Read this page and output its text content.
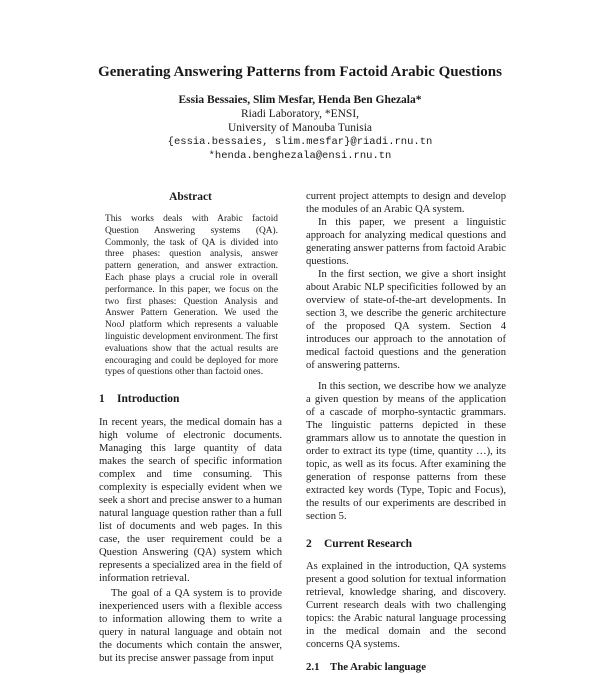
Generating Answering Patterns from Factoid Arabic Questions
Essia Bessaies, Slim Mesfar, Henda Ben Ghezala*
Riadi Laboratory, *ENSI,
University of Manouba Tunisia
{essia.bessaies, slim.mesfar}@riadi.rnu.tn
*henda.benghezala@ensi.rnu.tn
Abstract

This works deals with Arabic factoid Question Answering systems (QA). Commonly, the task of QA is divided into three phases: question analysis, answer pattern generation, and answer extraction. Each phase plays a crucial role in overall performance. In this paper, we focus on the two first phases: Question Analysis and Answer Pattern Generation. We used the NooJ platform which represents a valuable linguistic development environment. The first evaluations show that the actual results are encouraging and could be deployed for more types of questions other than factoid ones.

1 Introduction

In recent years, the medical domain has a high volume of electronic documents. Managing this large quantity of data makes the search of specific information complex and time consuming. This complexity is especially evident when we seek a short and precise answer to a human natural language question rather than a full list of documents and web pages. In this case, the user requirement could be a Question Answering (QA) system which represents a specialized area in the field of information retrieval.

The goal of a QA system is to provide inexperienced users with a flexible access to information allowing them to write a query in natural language and obtain not the documents which contain the answer, but its precise answer passage from input

current project attempts to design and develop the modules of an Arabic QA system.

In this paper, we present a linguistic approach for analyzing medical questions and generating answer patterns from factoid Arabic questions.

In the first section, we give a short insight about Arabic NLP specificities followed by an overview of state-of-the-art developments. In section 3, we describe the generic architecture of the proposed QA system. Section 4 introduces our approach to the annotation of medical factoid questions and the generation of answering patterns.

In this section, we describe how we analyze a given question by means of the application of a cascade of morpho-syntactic grammars. The linguistic patterns depicted in these grammars allow us to annotate the question in order to extract its type (time, quantity …), its topic, as well as its focus. After examining the generation of response patterns from these extracted key words (Type, Topic and Focus), the results of our experiments are described in section 5.

2 Current Research

As explained in the introduction, QA systems present a good solution for textual information retrieval, knowledge sharing, and discovery. Current research deals with two challenging topics: the Arabic natural language processing in the medical domain and the second concerns QA systems.

2.1 The Arabic language
